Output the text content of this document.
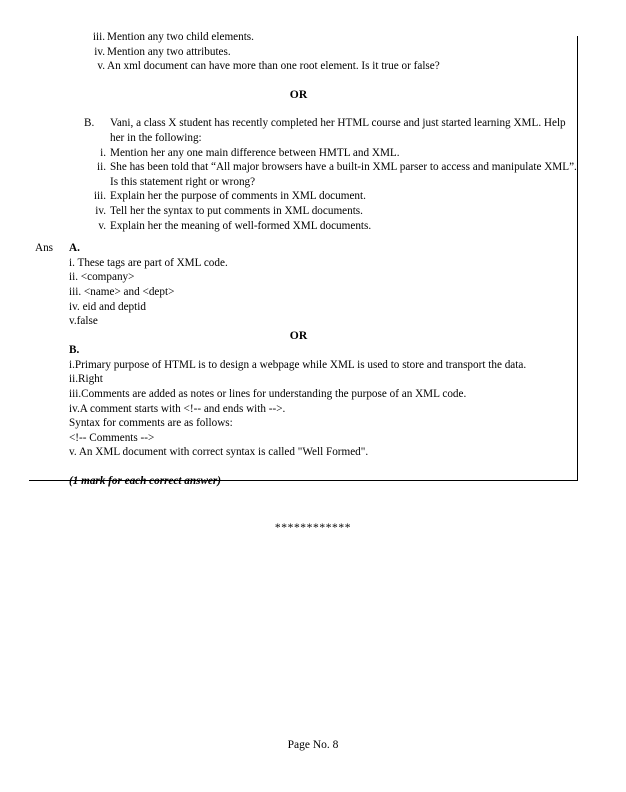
iii. Mention any two child elements.
iv. Mention any two attributes.
v. An xml document can have more than one root element. Is it true or false?
OR
B.	Vani, a class X student has recently completed her HTML course and just started learning XML. Help her in the following:
i. Mention her any one main difference between HMTL and XML.
ii. She has been told that “All major browsers have a built-in XML parser to access and manipulate XML”. Is this statement right or wrong?
iii. Explain her the purpose of comments in XML document.
iv. Tell her the syntax to put comments in XML documents.
v. Explain her the meaning of well-formed XML documents.
Ans A.
i. These tags are part of XML code.
ii. <company>
iii. <name> and <dept>
iv. eid and deptid
v.false
OR
B.
i.Primary purpose of HTML is to design a webpage while XML is used to store and transport the data.
ii.Right
iii.Comments are added as notes or lines for understanding the purpose of an XML code.
iv.A comment starts with <!-- and ends with -->.
Syntax for comments are as follows:
<!-- Comments -->
v. An XML document with correct syntax is called "Well Formed".
(1 mark for each correct answer)
************
Page No. 8
